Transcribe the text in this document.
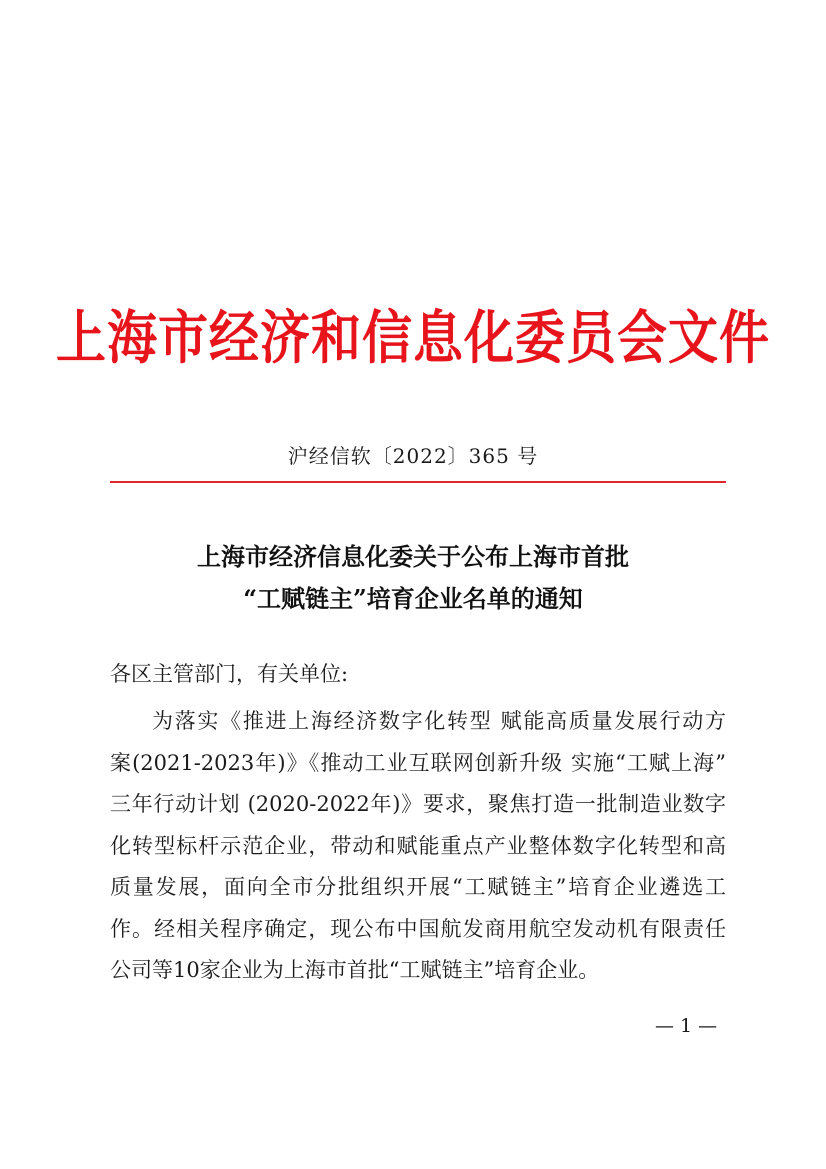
上海市经济和信息化委员会文件
沪经信软〔2022〕365 号
上海市经济信息化委关于公布上海市首批
“工赋链主”培育企业名单的通知
各区主管部门，有关单位:
为落实《推进上海经济数字化转型 赋能高质量发展行动方
案(2021-2023年)》《推动工业互联网创新升级 实施“工赋上海”
三年行动计划 (2020-2022年)》要求，聚焦打造一批制造业数字
化转型标杆示范企业，带动和赋能重点产业整体数字化转型和高
质量发展，面向全市分批组织开展“工赋链主”培育企业遴选工
作。经相关程序确定，现公布中国航发商用航空发动机有限责任
公司等10家企业为上海市首批“工赋链主”培育企业。
— 1 —
